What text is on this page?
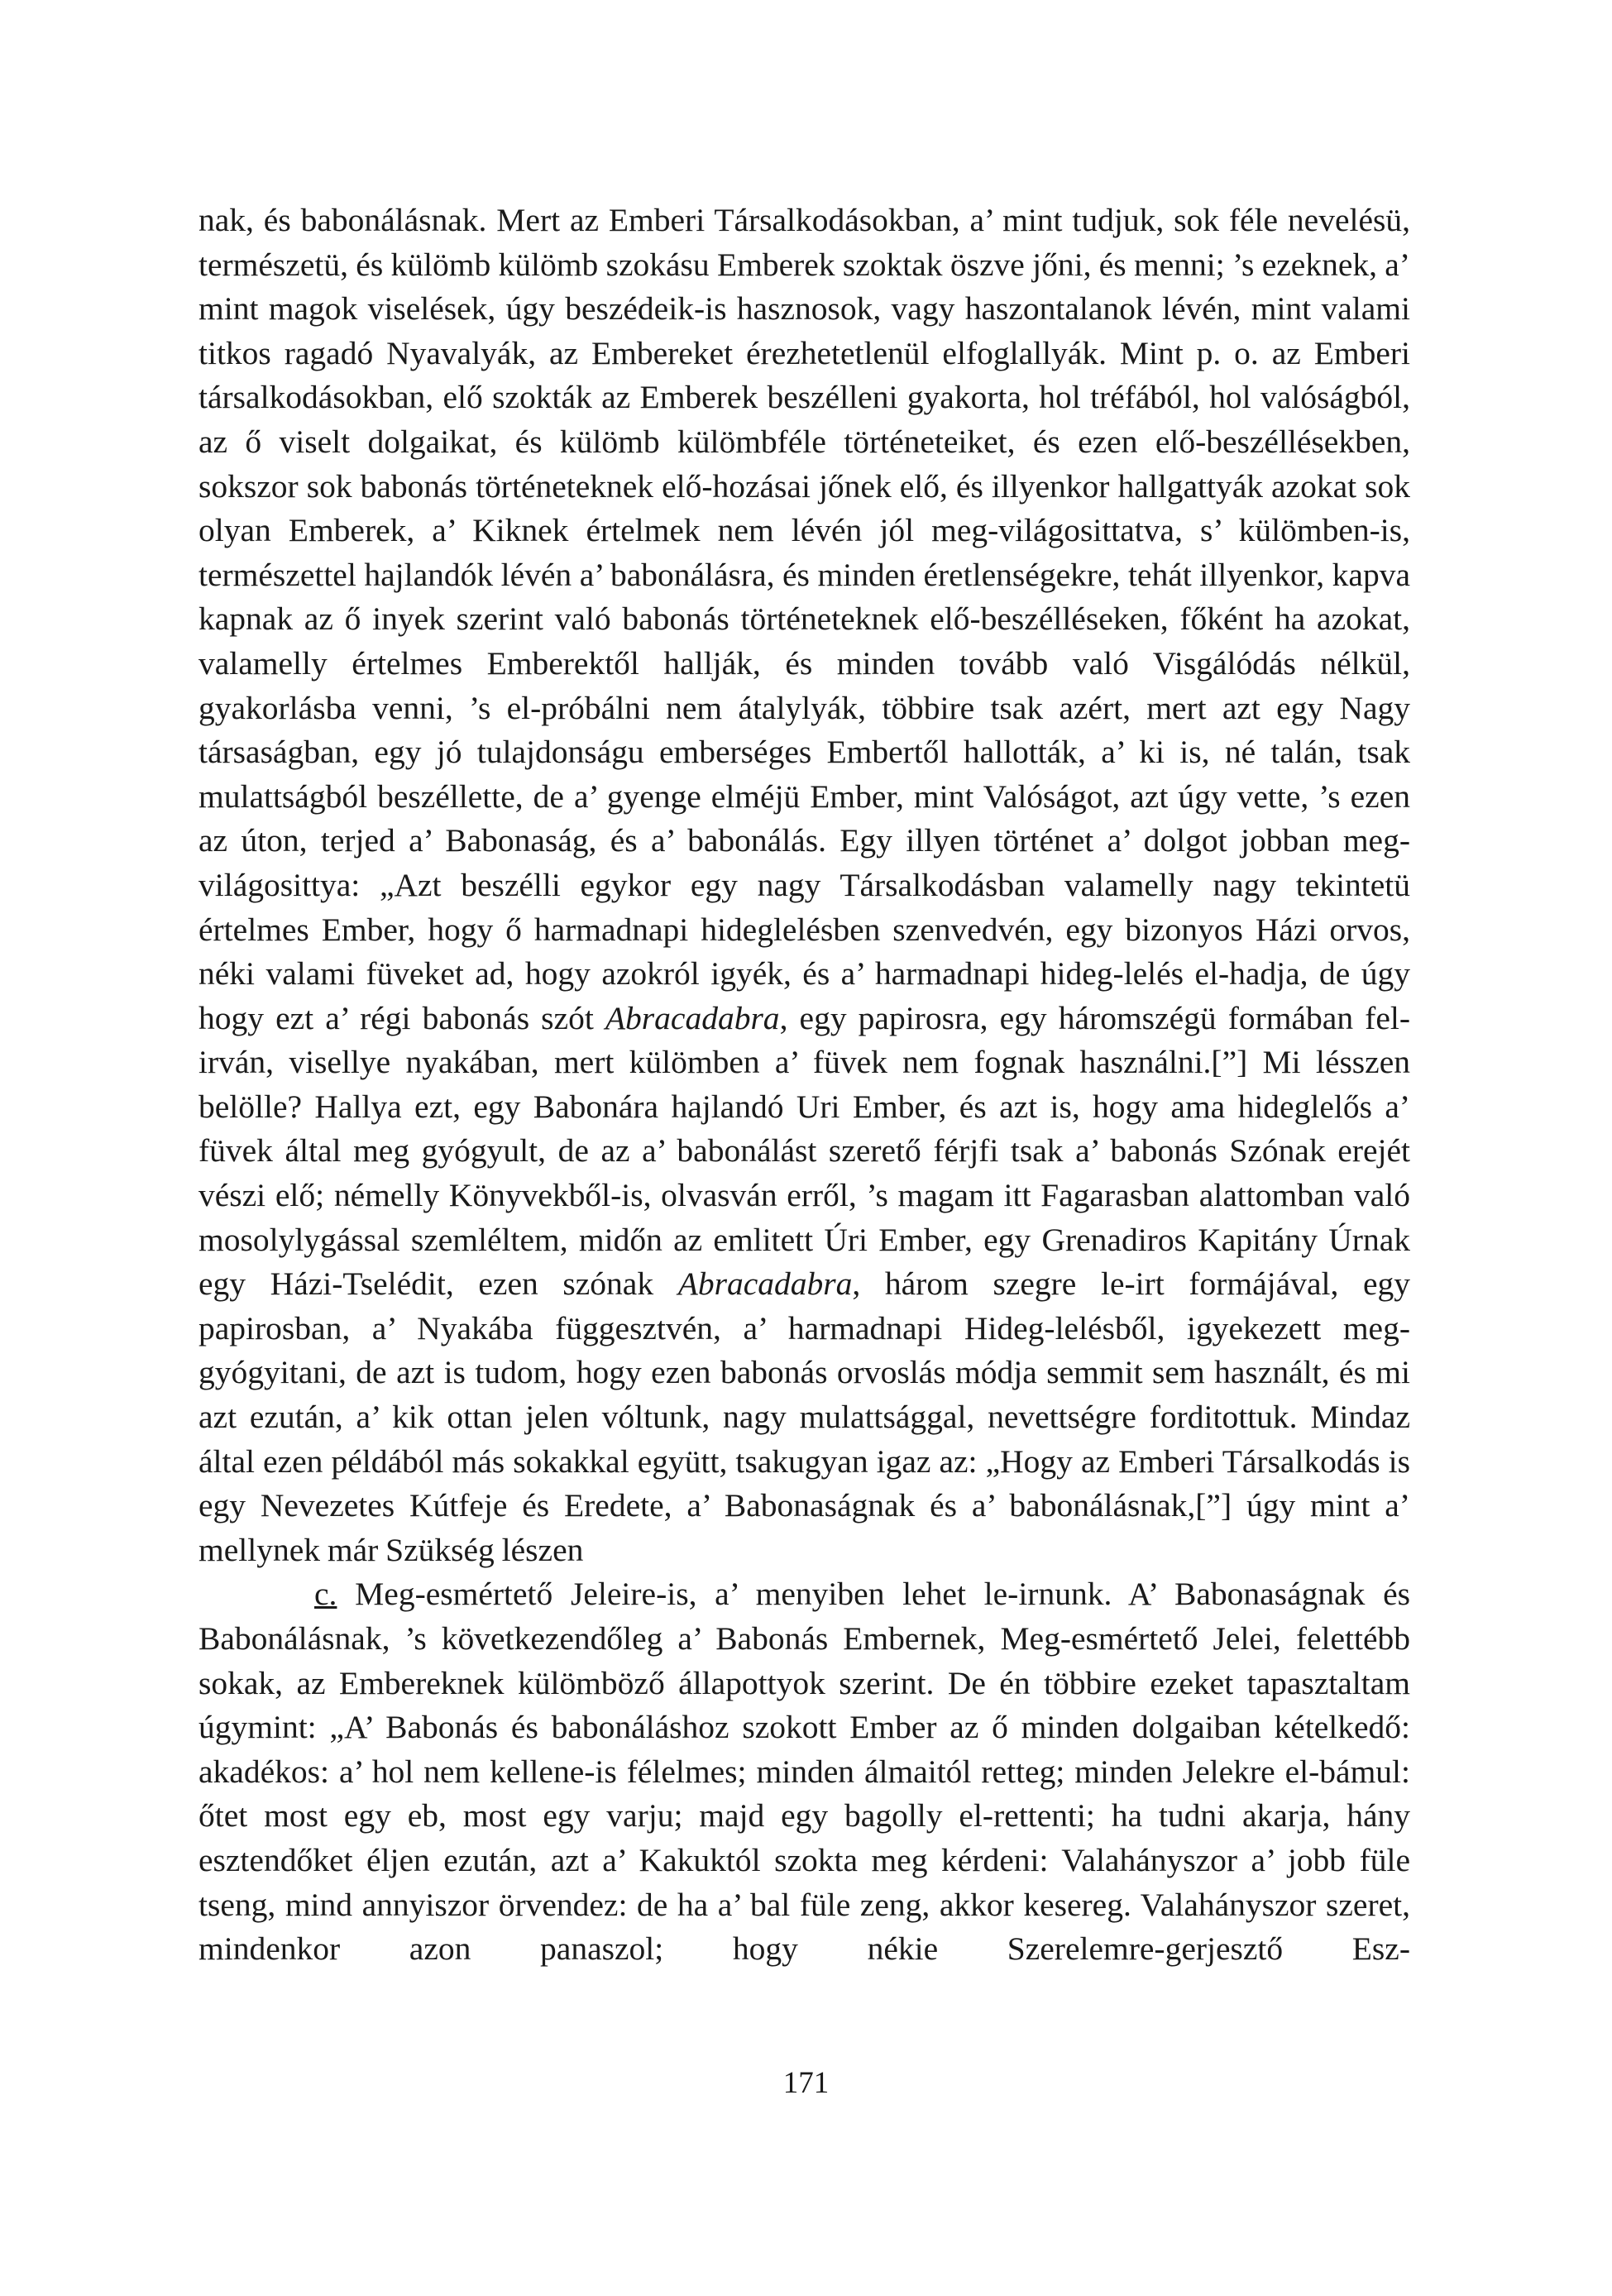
nak, és babonálásnak. Mert az Emberi Társalkodásokban, a’ mint tudjuk, sok féle nevelésü, természetü, és külömb külömb szokásu Emberek szoktak öszve jőni, és menni; ’s ezeknek, a’ mint magok viselések, úgy beszédeik-is hasznosok, vagy haszontalanok lévén, mint valami titkos ragadó Nyavalyák, az Embereket érezhetetlenül elfoglallyák. Mint p. o. az Emberi társalkodásokban, elő szokták az Emberek beszélleni gyakorta, hol tréfából, hol valóságból, az ő viselt dolgaikat, és külömb külömbféle történeteiket, és ezen elő-beszéllésekben, sokszor sok babonás történeteknek elő-hozásai jőnek elő, és illyenkor hallgattyák azokat sok olyan Emberek, a’ Kiknek értelmek nem lévén jól meg-világosittatva, s’ külömben-is, természettel hajlandók lévén a’ babonálásra, és minden éretlenségekre, tehát illyenkor, kapva kapnak az ő inyek szerint való babonás történeteknek elő-beszélléseken, főként ha azokat, valamelly értelmes Emberektől hallják, és minden tovább való Visgálódás nélkül, gyakorlásba venni, ’s el-próbálni nem átalylyák, többire tsak azért, mert azt egy Nagy társaságban, egy jó tulajdonságu emberséges Embertől hallották, a’ ki is, né talán, tsak mulattságból beszéllette, de a’ gyenge elméjü Ember, mint Valóságot, azt úgy vette, ’s ezen az úton, terjed a’ Babonaság, és a’ babonálás. Egy illyen történet a’ dolgot jobban meg-világosittya: „Azt beszélli egykor egy nagy Társalkodásban valamelly nagy tekintetü értelmes Ember, hogy ő harmadnapi hideglelésben szenvedvén, egy bizonyos Házi orvos, néki valami füveket ad, hogy azokról igyék, és a’ harmadnapi hideg-lelés el-hadja, de úgy hogy ezt a’ régi babonás szót Abracadabra, egy papirosra, egy háromszégü formában fel-irván, visellye nyakában, mert külömben a’ füvek nem fognak használni.[”] Mi lésszen belölle? Hallya ezt, egy Babonára hajlandó Uri Ember, és azt is, hogy ama hideglelős a’ füvek által meg gyógyult, de az a’ babonálást szerető férjfi tsak a’ babonás Szónak erejét vészi elő; némelly Könyvekből-is, olvasván erről, ’s magam itt Fagarasban alattomban való mosolylygással szemléltem, midőn az emlitett Úri Ember, egy Grenadiros Kapitány Úrnak egy Házi-Tselédit, ezen szónak Abracadabra, három szegre le-irt formájával, egy papirosban, a’ Nyakába függesztvén, a’ harmadnapi Hideg-lelésből, igyekezett meg-gyógyitani, de azt is tudom, hogy ezen babonás orvoslás módja semmit sem használt, és mi azt ezután, a’ kik ottan jelen vóltunk, nagy mulattsággal, nevettségre forditottuk. Mindaz által ezen példából más sokakkal együtt, tsakugyan igaz az: „Hogy az Emberi Társalkodás is egy Nevezetes Kútfeje és Eredete, a’ Babonaságnak és a’ babonálásnak,[”] úgy mint a’ mellynek már Szükség lészen

c. Meg-esmértető Jeleire-is, a’ menyiben lehet le-irnunk. A’ Babonaságnak és Babonálásnak, ’s következendőleg a’ Babonás Embernek, Meg-esmértető Jelei, felettébb sokak, az Embereknek külömböző állapottyok szerint. De én többire ezeket tapasztaltam úgymint: „A’ Babonás és babonáláshoz szokott Ember az ő minden dolgaiban kételkedő: akadékos: a’ hol nem kellene-is félelmes; minden álmaitól retteg; minden Jelekre el-bámul: őtet most egy eb, most egy varju; majd egy bagolly el-rettenti; ha tudni akarja, hány esztendőket éljen ezután, azt a’ Kakuktól szokta meg kérdeni: Valahányszor a’ jobb füle tseng, mind annyiszor örvendez: de ha a’ bal füle zeng, akkor kesereg. Valahányszor szeret, mindenkor azon panaszol; hogy nékie Szerelemre-gerjesztő Esz-

171
